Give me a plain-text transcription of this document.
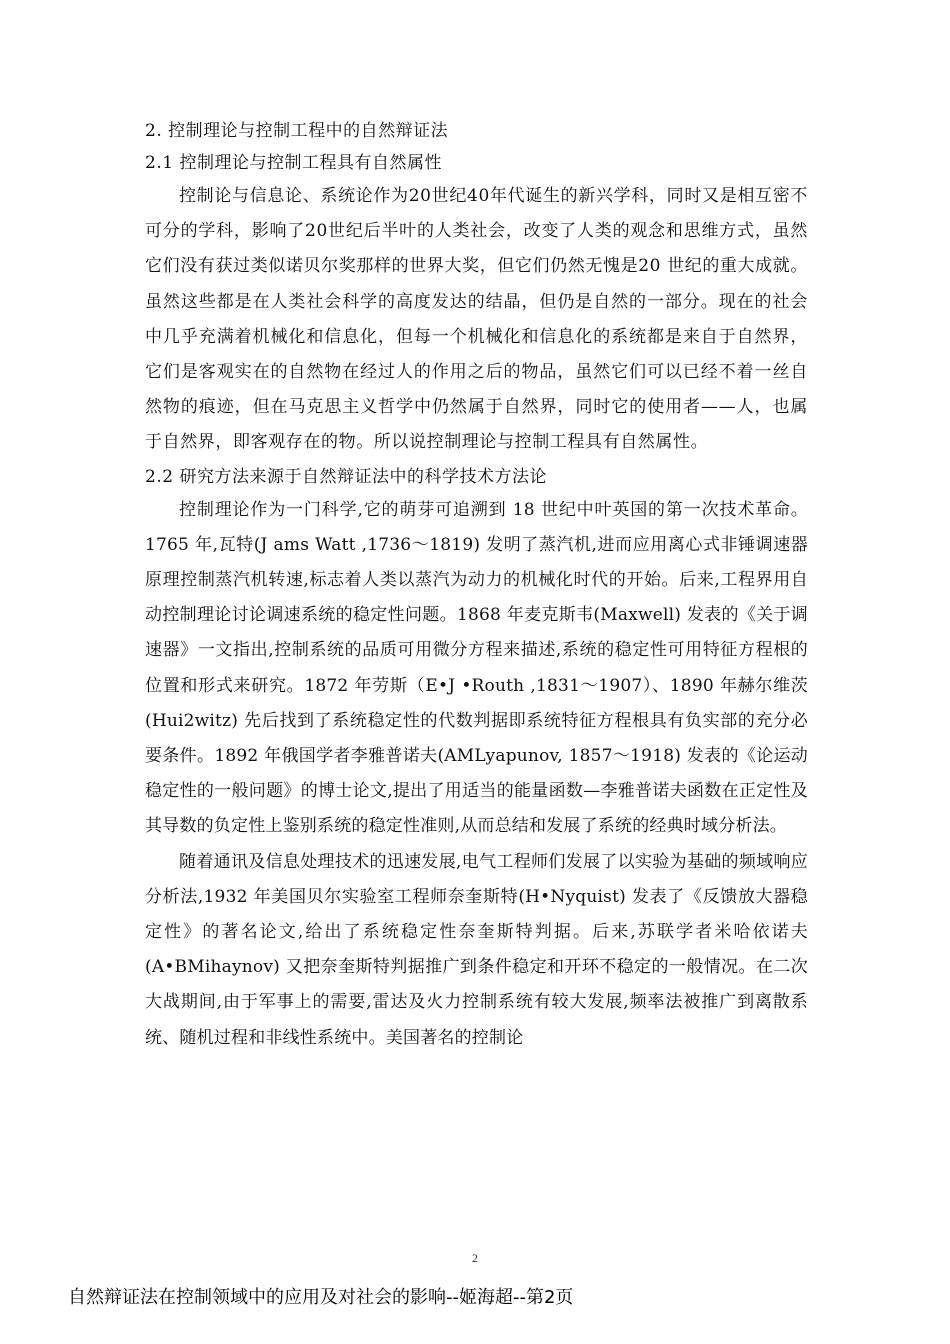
2. 控制理论与控制工程中的自然辩证法
2.1 控制理论与控制工程具有自然属性

控制论与信息论、系统论作为20世纪40年代诞生的新兴学科，同时又是相互密不可分的学科，影响了20世纪后半叶的人类社会，改变了人类的观念和思维方式，虽然它们没有获过类似诺贝尔奖那样的世界大奖，但它们仍然无愧是20 世纪的重大成就。虽然这些都是在人类社会科学的高度发达的结晶，但仍是自然的一部分。现在的社会中几乎充满着机械化和信息化，但每一个机械化和信息化的系统都是来自于自然界，它们是客观实在的自然物在经过人的作用之后的物品，虽然它们可以已经不着一丝自然物的痕迹，但在马克思主义哲学中仍然属于自然界，同时它的使用者——人，也属于自然界，即客观存在的物。所以说控制理论与控制工程具有自然属性。

2.2 研究方法来源于自然辩证法中的科学技术方法论

控制理论作为一门科学,它的萌芽可追溯到 18 世纪中叶英国的第一次技术革命。1765 年,瓦特(J ams Watt ,1736～1819) 发明了蒸汽机,进而应用离心式非锤调速器原理控制蒸汽机转速,标志着人类以蒸汽为动力的机械化时代的开始。后来,工程界用自动控制理论讨论调速系统的稳定性问题。1868 年麦克斯韦(Maxwell) 发表的《关于调速器》一文指出,控制系统的品质可用微分方程来描述,系统的稳定性可用特征方程根的位置和形式来研究。1872 年劳斯（E•J •Routh ,1831～1907）、1890 年赫尔维茨(Hui2witz) 先后找到了系统稳定性的代数判据即系统特征方程根具有负实部的充分必要条件。1892 年俄国学者李雅普诺夫(AMLyapunov, 1857～1918) 发表的《论运动稳定性的一般问题》的博士论文,提出了用适当的能量函数—李雅普诺夫函数在正定性及其导数的负定性上鉴别系统的稳定性准则,从而总结和发展了系统的经典时域分析法。

随着通讯及信息处理技术的迅速发展,电气工程师们发展了以实验为基础的频域响应分析法,1932 年美国贝尔实验室工程师奈奎斯特(H•Nyquist) 发表了《反馈放大器稳定性》的著名论文,给出了系统稳定性奈奎斯特判据。后来,苏联学者米哈依诺夫(A•BMihaynov) 又把奈奎斯特判据推广到条件稳定和开环不稳定的一般情况。在二次大战期间,由于军事上的需要,雷达及火力控制系统有较大发展,频率法被推广到离散系统、随机过程和非线性系统中。美国著名的控制论

2
自然辩证法在控制领域中的应用及对社会的影响--姬海超--第2页
